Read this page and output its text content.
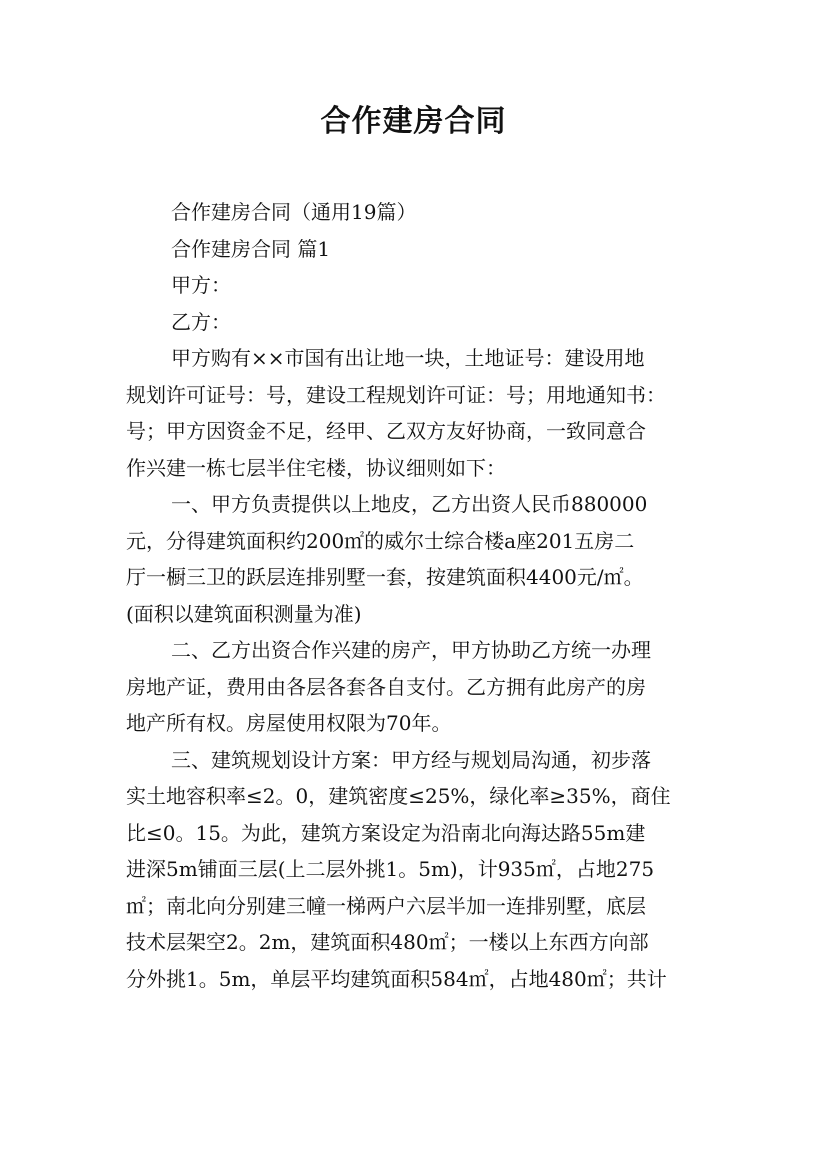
合作建房合同
合作建房合同（通用19篇）
合作建房合同 篇1
甲方：
乙方：
甲方购有××市国有出让地一块，土地证号：建设用地
规划许可证号：号，建设工程规划许可证：号；用地通知书：
号；甲方因资金不足，经甲、乙双方友好协商，一致同意合
作兴建一栋七层半住宅楼，协议细则如下：
一、甲方负责提供以上地皮，乙方出资人民币880000
元，分得建筑面积约200㎡的威尔士综合楼a座201五房二
厅一橱三卫的跃层连排别墅一套，按建筑面积4400元/㎡。
(面积以建筑面积测量为准)
二、乙方出资合作兴建的房产，甲方协助乙方统一办理
房地产证，费用由各层各套各自支付。乙方拥有此房产的房
地产所有权。房屋使用权限为70年。
三、建筑规划设计方案：甲方经与规划局沟通，初步落
实土地容积率≤2。0，建筑密度≤25%，绿化率≥35%，商住
比≤0。15。为此，建筑方案设定为沿南北向海达路55m建
进深5m铺面三层(上二层外挑1。5m)，计935㎡，占地275
㎡；南北向分别建三幢一梯两户六层半加一连排别墅，底层
技术层架空2。2m，建筑面积480㎡；一楼以上东西方向部
分外挑1。5m，单层平均建筑面积584㎡，占地480㎡；共计
